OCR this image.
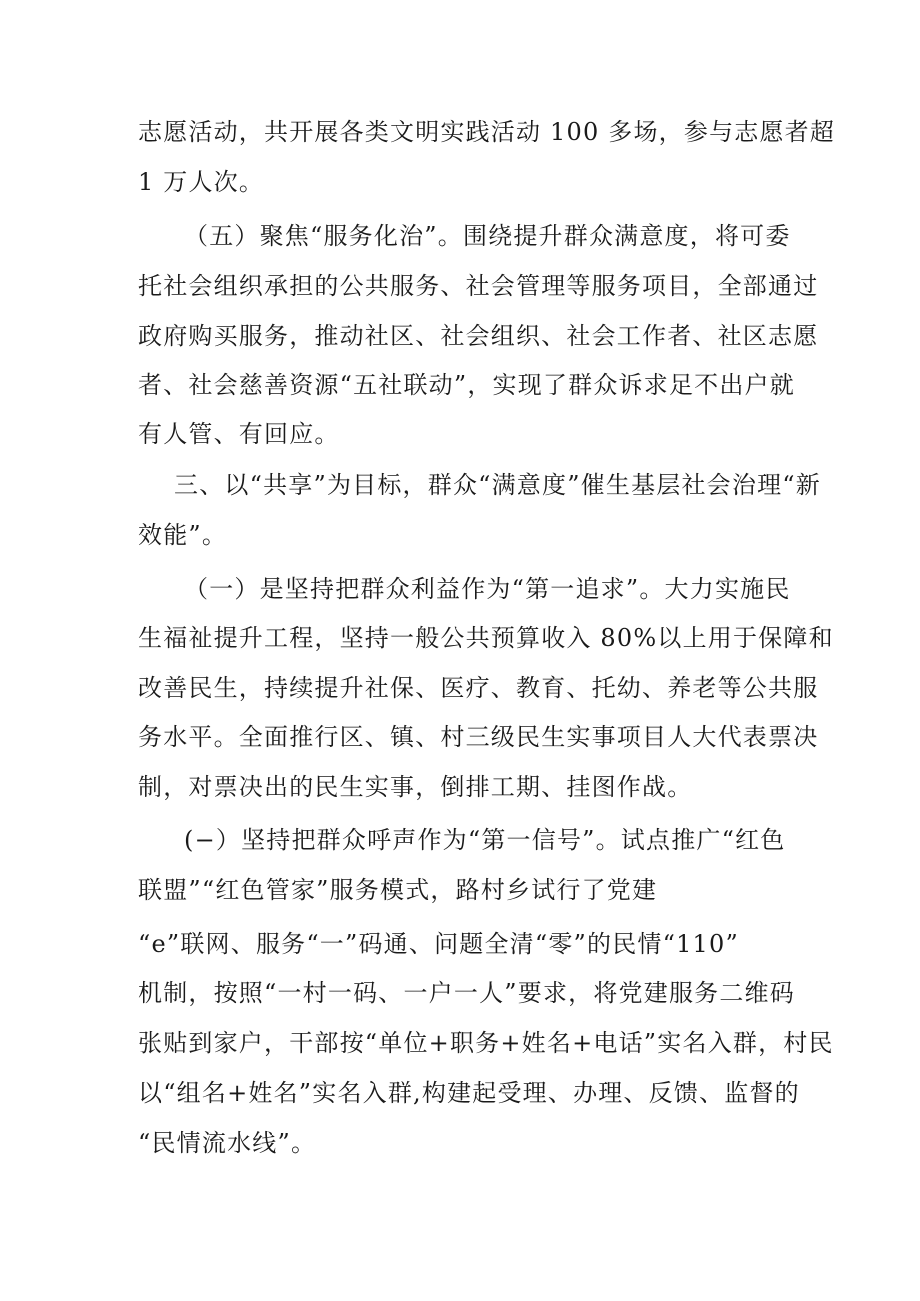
志愿活动，共开展各类文明实践活动 100 多场，参与志愿者超

1 万人次。

（五）聚焦“服务化治”。围绕提升群众满意度，将可委

托社会组织承担的公共服务、社会管理等服务项目，全部通过

政府购买服务，推动社区、社会组织、社会工作者、社区志愿

者、社会慈善资源“五社联动”，实现了群众诉求足不出户就

有人管、有回应。

三、以“共享”为目标，群众“满意度”催生基层社会治理“新

效能”。

（一）是坚持把群众利益作为“第一追求”。大力实施民

生福祉提升工程，坚持一般公共预算收入 80%以上用于保障和

改善民生，持续提升社保、医疗、教育、托幼、养老等公共服

务水平。全面推行区、镇、村三级民生实事项目人大代表票决

制，对票决出的民生实事，倒排工期、挂图作战。

(−）坚持把群众呼声作为“第一信号”。试点推广“红色

联盟”“红色管家”服务模式，路村乡试行了党建

“e”联网、服务“一”码通、问题全清“零”的民情“110”

机制，按照“一村一码、一户一人”要求，将党建服务二维码

张贴到家户，干部按“单位+职务+姓名+电话”实名入群，村民

以“组名+姓名”实名入群,构建起受理、办理、反馈、监督的

“民情流水线”。
